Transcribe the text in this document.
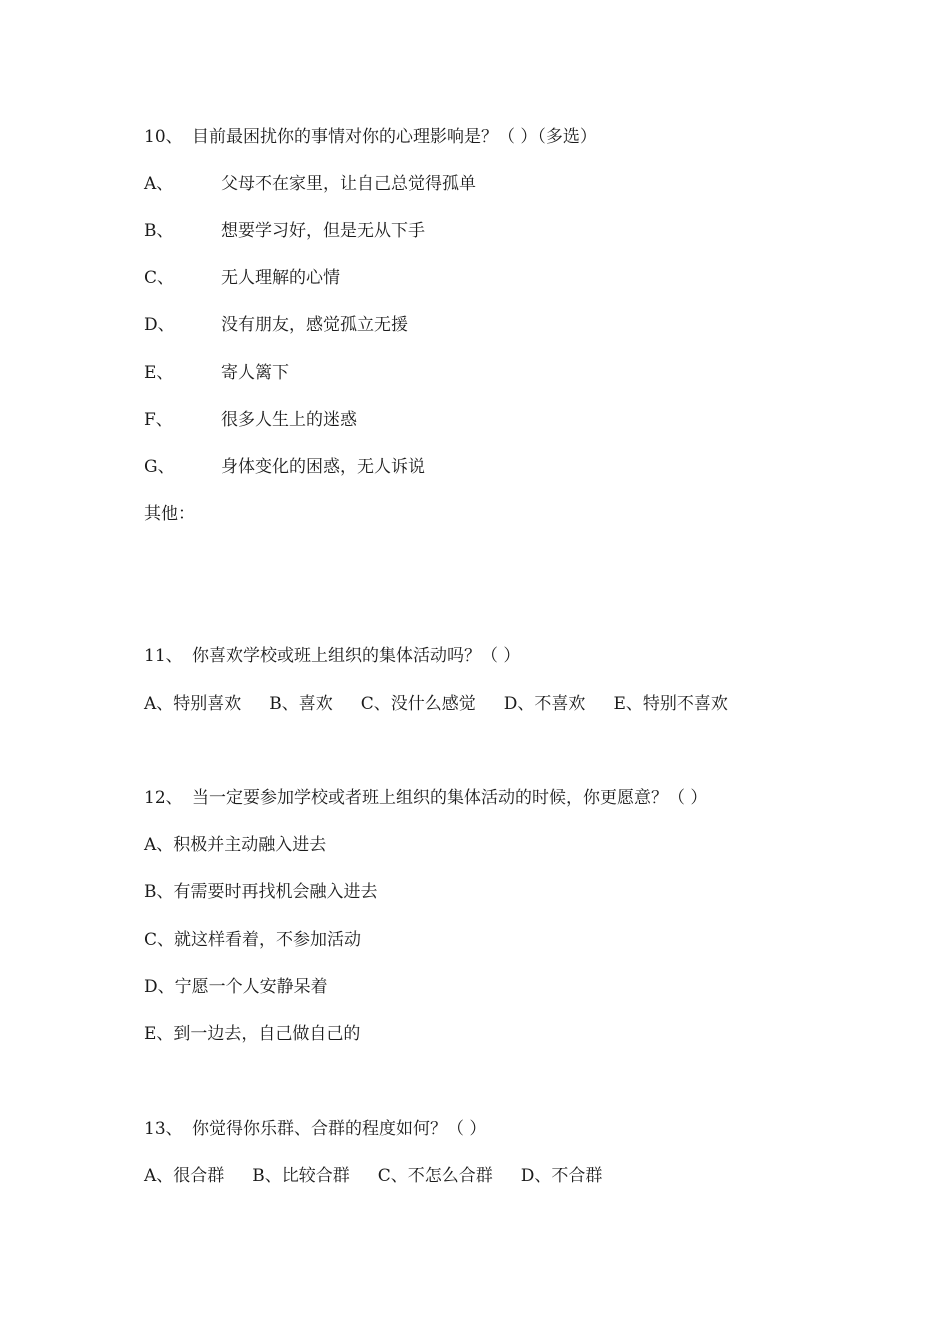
10、 目前最困扰你的事情对你的心理影响是？（ ）（多选）
A、	父母不在家里，让自己总觉得孤单
B、	想要学习好，但是无从下手
C、	无人理解的心情
D、	没有朋友，感觉孤立无援
E、	寄人篱下
F、	很多人生上的迷惑
G、	身体变化的困惑，无人诉说
其他：
11、 你喜欢学校或班上组织的集体活动吗？（ ）
A、特别喜欢 B、喜欢 C、没什么感觉 D、不喜欢 E、特别不喜欢
12、 当一定要参加学校或者班上组织的集体活动的时候，你更愿意？（ ）
A、积极并主动融入进去
B、有需要时再找机会融入进去
C、就这样看着，不参加活动
D、宁愿一个人安静呆着
E、到一边去，自己做自己的
13、 你觉得你乐群、合群的程度如何？（ ）
A、很合群 B、比较合群 C、不怎么合群 D、不合群
